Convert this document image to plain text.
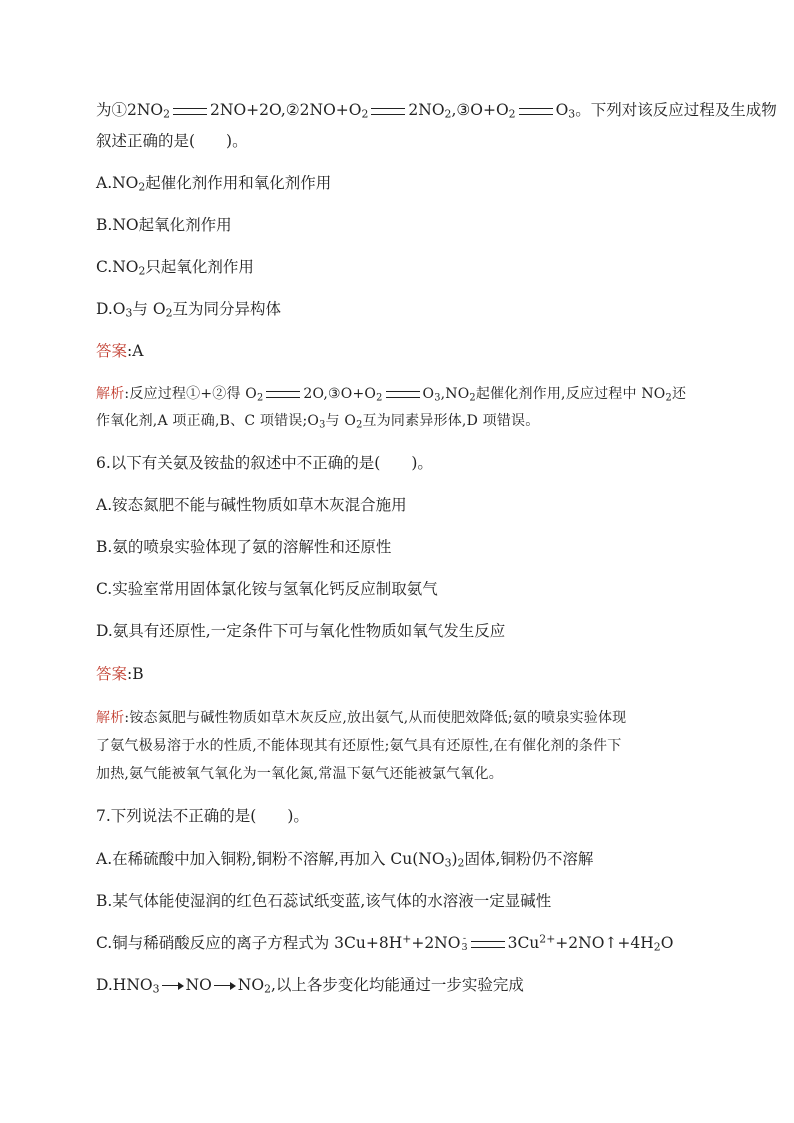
为$①2NO_2$	$2NO+2O,②2NO+O_2$	$2NO_2,③O+O_2$	$O_3$。下列对该反应过程及生成物
叙述正确的是(　　)。
$A.NO_2$起催化剂作用和氧化剂作用
B.NO起氧化剂作用
$C.NO_2$只起氧化剂作用
$D.O_3$与 $O_2$互为同分异构体
答案:A
解析:反应过程①+②得 $O_2$	$2O,③O+O_2$	$O_3,NO_2$起催化剂作用,反应过程中 $NO_2$还
作氧化剂,A 项正确,B、C 项错误$;O_3$与 $O_2$互为同素异形体,D 项错误。
6.以下有关氨及铵盐的叙述中不正确的是(　　)。
A.铵态氮肥不能与碱性物质如草木灰混合施用
B.氨的喷泉实验体现了氨的溶解性和还原性
C.实验室常用固体氯化铵与氢氧化钙反应制取氨气
D.氨具有还原性,一定条件下可与氧化性物质如氧气发生反应
答案:B
解析:铵态氮肥与碱性物质如草木灰反应,放出氨气,从而使肥效降低;氨的喷泉实验体现
了氨气极易溶于水的性质,不能体现其有还原性;氨气具有还原性,在有催化剂的条件下
加热,氨气能被氧气氧化为一氧化氮,常温下氨气还能被氯气氧化。
7.下列说法不正确的是(　　)。
A.在稀硫酸中加入铜粉,铜粉不溶解,再加入 $Cu(NO_3)_2$固体,铜粉仍不溶解
B.某气体能使湿润的红色石蕊试纸变蓝,该气体的水溶液一定显碱性
C.铜与稀硝酸反应的离子方程式为 3Cu+8H++2NO -
3	$3Cu^{2+}+2NO↑+4H_2O$
$D.HNO_3$ NO $NO_2$,以上各步变化均能通过一步实验完成
